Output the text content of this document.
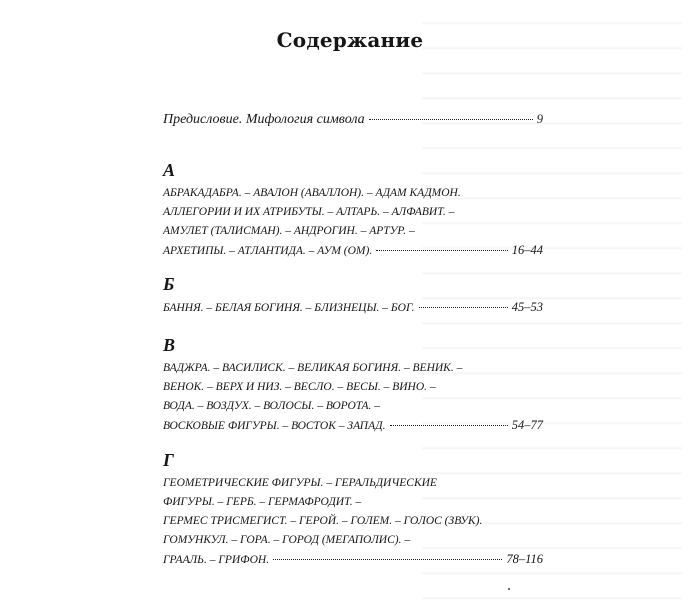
Содержание
Предисловие. Мифология символа	9
А
АБРАКАДАБРА. – АВАЛОН (АВАЛЛОН). – АДАМ КАДМОН.
АЛЛЕГОРИИ И ИХ АТРИБУТЫ. – АЛТАРЬ. – АЛФАВИТ. –
АМУЛЕТ (ТАЛИСМАН). – АНДРОГИН. – АРТУР. –
АРХЕТИПЫ. – АТЛАНТИДА. – АУМ (ОМ).	16–44
Б
БАННЯ. – БЕЛАЯ БОГИНЯ. – БЛИЗНЕЦЫ. – БОГ.	45–53
В
ВАДЖРА. – ВАСИЛИСК. – ВЕЛИКАЯ БОГИНЯ. – ВЕНИК. –
ВЕНОК. – ВЕРХ И НИЗ. – ВЕСЛО. – ВЕСЫ. – ВИНО. –
ВОДА. – ВОЗДУХ. – ВОЛОСЫ. – ВОРОТА. –
ВОСКОВЫЕ ФИГУРЫ. – ВОСТОК – ЗАПАД.	54–77
Г
ГЕОМЕТРИЧЕСКИЕ ФИГУРЫ. – ГЕРАЛЬДИЧЕСКИЕ
ФИГУРЫ. – ГЕРБ. – ГЕРМАФРОДИТ. –
ГЕРМЕС ТРИСМЕГИСТ. – ГЕРОЙ. – ГОЛЕМ. – ГОЛОС (ЗВУК).
ГОМУНКУЛ. – ГОРА. – ГОРОД (МЕГАПОЛИС). –
ГРААЛЬ. – ГРИФОН.	78–116
